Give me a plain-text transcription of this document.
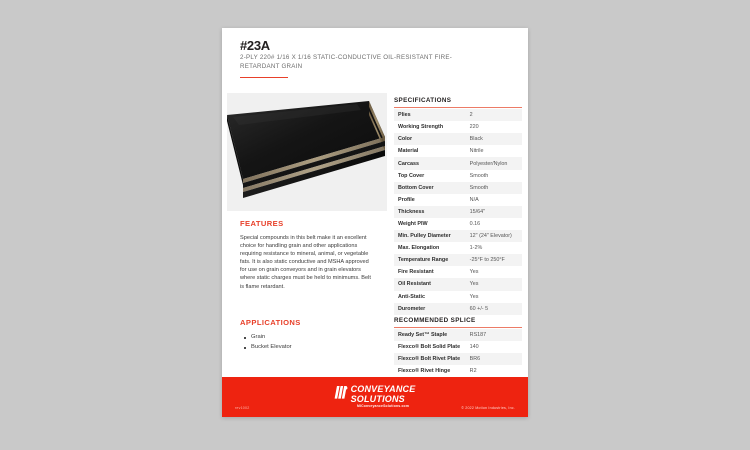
#23A
2-PLY 220# 1/16 X 1/16 STATIC-CONDUCTIVE OIL-RESISTANT FIRE-RETARDANT GRAIN
FEATURES
Special compounds in this belt make it an excellent choice for handling grain and other applications requiring resistance to mineral, animal, or vegetable fats. It is also static conductive and MSHA approved for use on grain conveyors and in grain elevators where static charges must be held to minimums. Belt is flame retardant.
APPLICATIONS
Grain
Bucket Elevator
SPECIFICATIONS
Plies	2
Working Strength	220
Color	Black
Material	Nitrile
Carcass	Polyester/Nylon
Top Cover	Smooth
Bottom Cover	Smooth
Profile	N/A
Thickness	15/64"
Weight PIW	0.16
Min. Pulley Diameter	12" (24" Elevator)
Max. Elongation	1-2%
Temperature Range	-25°F to 250°F
Fire Resistant	Yes
Oil Resistant	Yes
Anti-Static	Yes
Durometer	60 +/- 5
RECOMMENDED SPLICE
Ready Set™ Staple	RS187
Flexco® Bolt Solid Plate	140
Flexco® Bolt Rivet Plate	BR6
Flexco® Rivet Hinge	R2

CONVEYANCE
SOLUTIONS
MIConveyanceSolutions.com
rev1002	© 2022 Motion Industries, Inc.
